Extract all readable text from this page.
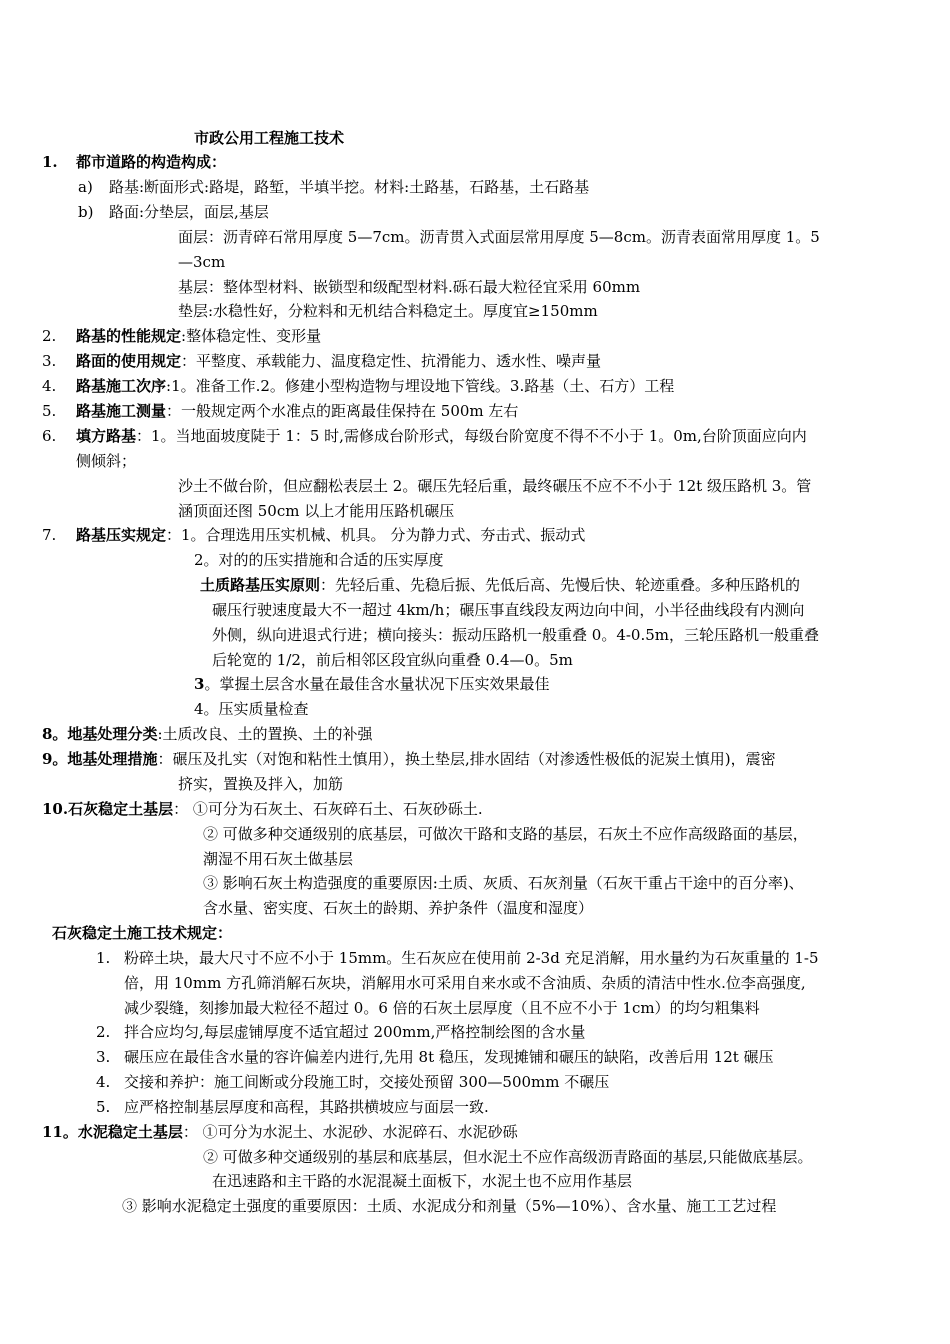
市政公用工程施工技术
1. 都市道路的构造构成：
a) 路基:断面形式:路堤，路堑，半填半挖。材料:土路基，石路基，土石路基
b) 路面:分垫层，面层,基层
面层：沥青碎石常用厚度 5—7cm。沥青贯入式面层常用厚度 5—8cm。沥青表面常用厚度 1。5
—3cm
基层：整体型材料、嵌锁型和级配型材料.砾石最大粒径宜采用 60mm
垫层:水稳性好，分粒料和无机结合料稳定土。厚度宜≥150mm
2. 路基的性能规定:整体稳定性、变形量
3. 路面的使用规定：平整度、承载能力、温度稳定性、抗滑能力、透水性、噪声量
4. 路基施工次序:1。准备工作.2。修建小型构造物与埋设地下管线。3.路基（土、石方）工程
5. 路基施工测量：一般规定两个水准点的距离最佳保持在 500m 左右
6. 填方路基：1。当地面坡度陡于 1：5 时,需修成台阶形式，每级台阶宽度不得不不小于 1。0m,台阶顶面应向内
侧倾斜；
沙土不做台阶，但应翻松表层土 2。碾压先轻后重，最终碾压不应不不小于 12t 级压路机 3。管
涵顶面还图 50cm 以上才能用压路机碾压
7. 路基压实规定：1。合理选用压实机械、机具。 分为静力式、夯击式、振动式
2。对的的压实措施和合适的压实厚度
土质路基压实原则：先轻后重、先稳后振、先低后高、先慢后快、轮迹重叠。多种压路机的
碾压行驶速度最大不一超过 4km/h；碾压事直线段友两边向中间，小半径曲线段有内测向
外侧，纵向进退式行进；横向接头：振动压路机一般重叠 0。4-0.5m，三轮压路机一般重叠
后轮宽的 1/2，前后相邻区段宜纵向重叠 0.4—0。5m
3。掌握土层含水量在最佳含水量状况下压实效果最佳
4。压实质量检查
8。地基处理分类:土质改良、土的置换、土的补强
9。地基处理措施：碾压及扎实（对饱和粘性土慎用），换土垫层,排水固结（对渗透性极低的泥炭土慎用)，震密
挤实，置换及拌入，加筋
10.石灰稳定土基层： ①可分为石灰土、石灰碎石土、石灰砂砾土.
② 可做多种交通级别的底基层，可做次干路和支路的基层，石灰土不应作高级路面的基层，
潮湿不用石灰土做基层
③ 影响石灰土构造强度的重要原因:土质、灰质、石灰剂量（石灰干重占干途中的百分率)、
含水量、密实度、石灰土的龄期、养护条件（温度和湿度）
石灰稳定土施工技术规定：
1. 粉碎土块，最大尺寸不应不小于 15mm。生石灰应在使用前 2-3d 充足消解，用水量约为石灰重量的 1-5
倍，用 10mm 方孔筛消解石灰块，消解用水可采用自来水或不含油质、杂质的清洁中性水.位李高强度,
减少裂缝，刻掺加最大粒径不超过 0。6 倍的石灰土层厚度（且不应不小于 1cm）的均匀粗集料
2. 拌合应均匀,每层虚铺厚度不适宜超过 200mm,严格控制绘图的含水量
3. 碾压应在最佳含水量的容许偏差内进行,先用 8t 稳压，发现摊铺和碾压的缺陷，改善后用 12t 碾压
4. 交接和养护：施工间断或分段施工时，交接处预留 300—500mm 不碾压
5. 应严格控制基层厚度和高程，其路拱横坡应与面层一致.
11。水泥稳定土基层： ①可分为水泥土、水泥砂、水泥碎石、水泥砂砾
② 可做多种交通级别的基层和底基层，但水泥土不应作高级沥青路面的基层,只能做底基层。
在迅速路和主干路的水泥混凝土面板下，水泥土也不应用作基层
③ 影响水泥稳定土强度的重要原因：土质、水泥成分和剂量（5%—10%）、含水量、施工工艺过程
